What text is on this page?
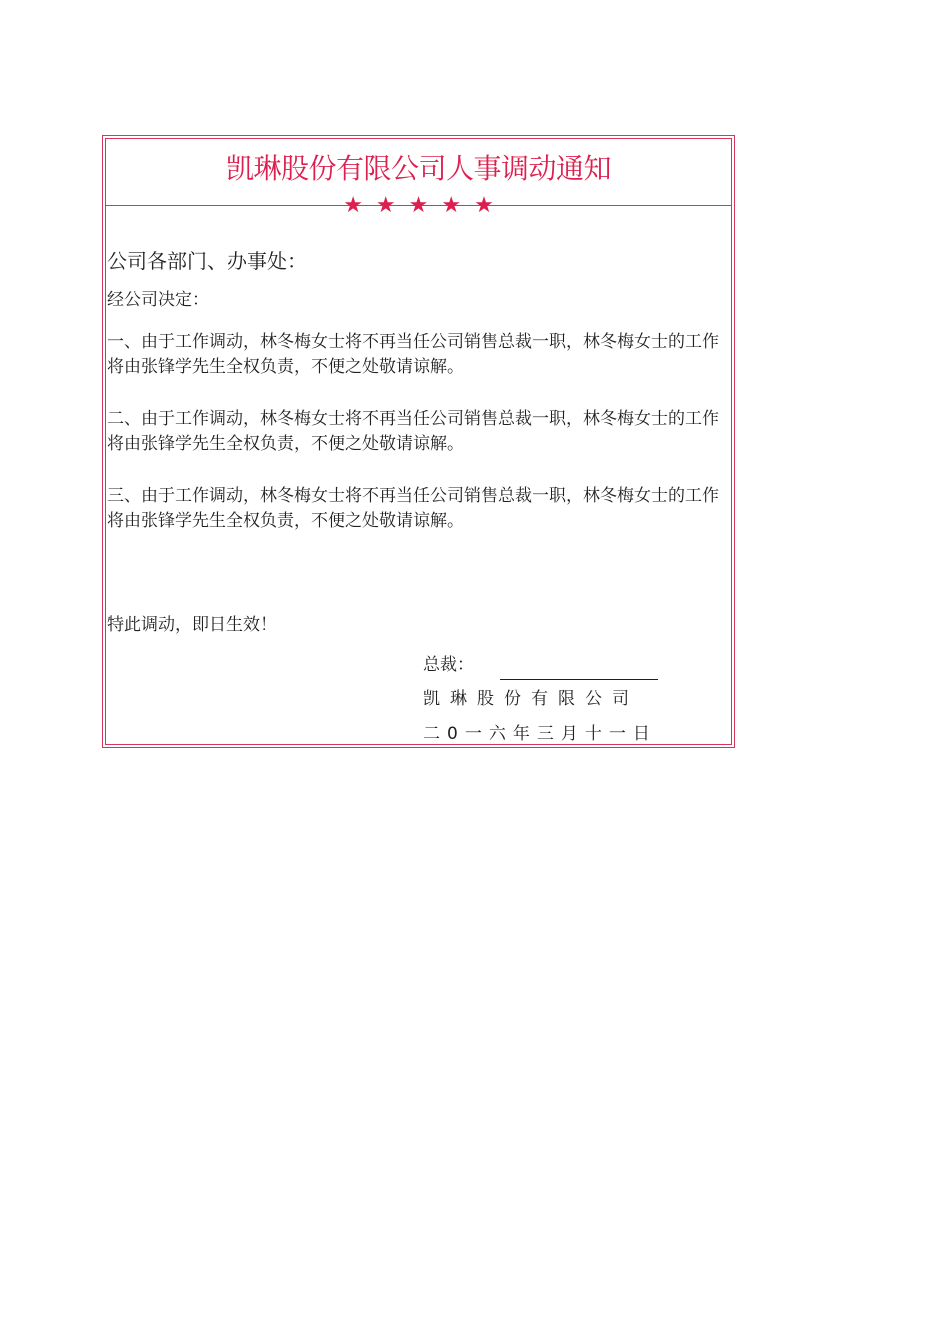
凯琳股份有限公司人事调动通知
★★★★★
公司各部门、办事处：
经公司决定：
一、由于工作调动，林冬梅女士将不再当任公司销售总裁一职，林冬梅女士的工作将由张锋学先生全权负责，不便之处敬请谅解。
二、由于工作调动，林冬梅女士将不再当任公司销售总裁一职，林冬梅女士的工作将由张锋学先生全权负责，不便之处敬请谅解。
三、由于工作调动，林冬梅女士将不再当任公司销售总裁一职，林冬梅女士的工作将由张锋学先生全权负责，不便之处敬请谅解。
特此调动，即日生效！
总裁：
凯琳股份有限公司
二0一六年三月十一日
